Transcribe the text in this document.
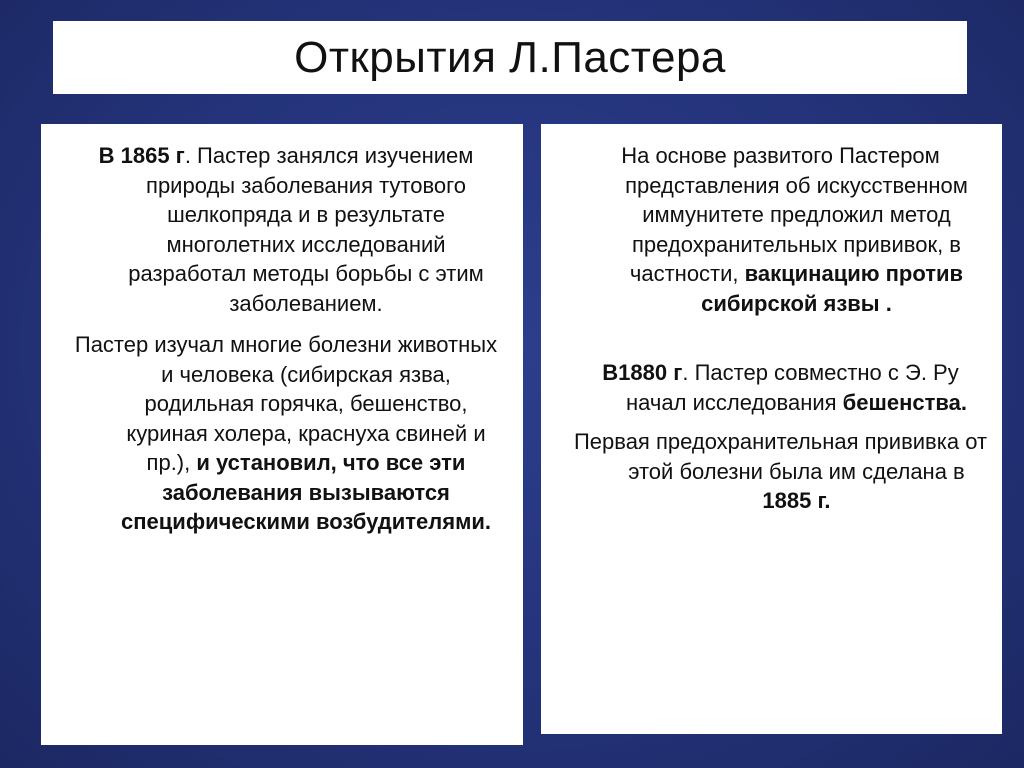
Открытия Л.Пастера

В 1865 г. Пастер занялся изучением природы заболевания тутового шелкопряда и в результате многолетних исследований разработал методы борьбы с этим заболеванием.

Пастер изучал многие болезни животных и человека (сибирская язва, родильная горячка, бешенство, куриная холера, краснуха свиней и пр.), и установил, что все эти заболевания вызываются специфическими возбудителями.

На основе развитого Пастером представления об искусственном иммунитете предложил метод предохранительных прививок, в частности, вакцинацию против сибирской язвы .

В1880 г. Пастер совместно с Э. Ру начал исследования бешенства.

Первая предохранительная прививка от этой болезни была им сделана в 1885 г.
